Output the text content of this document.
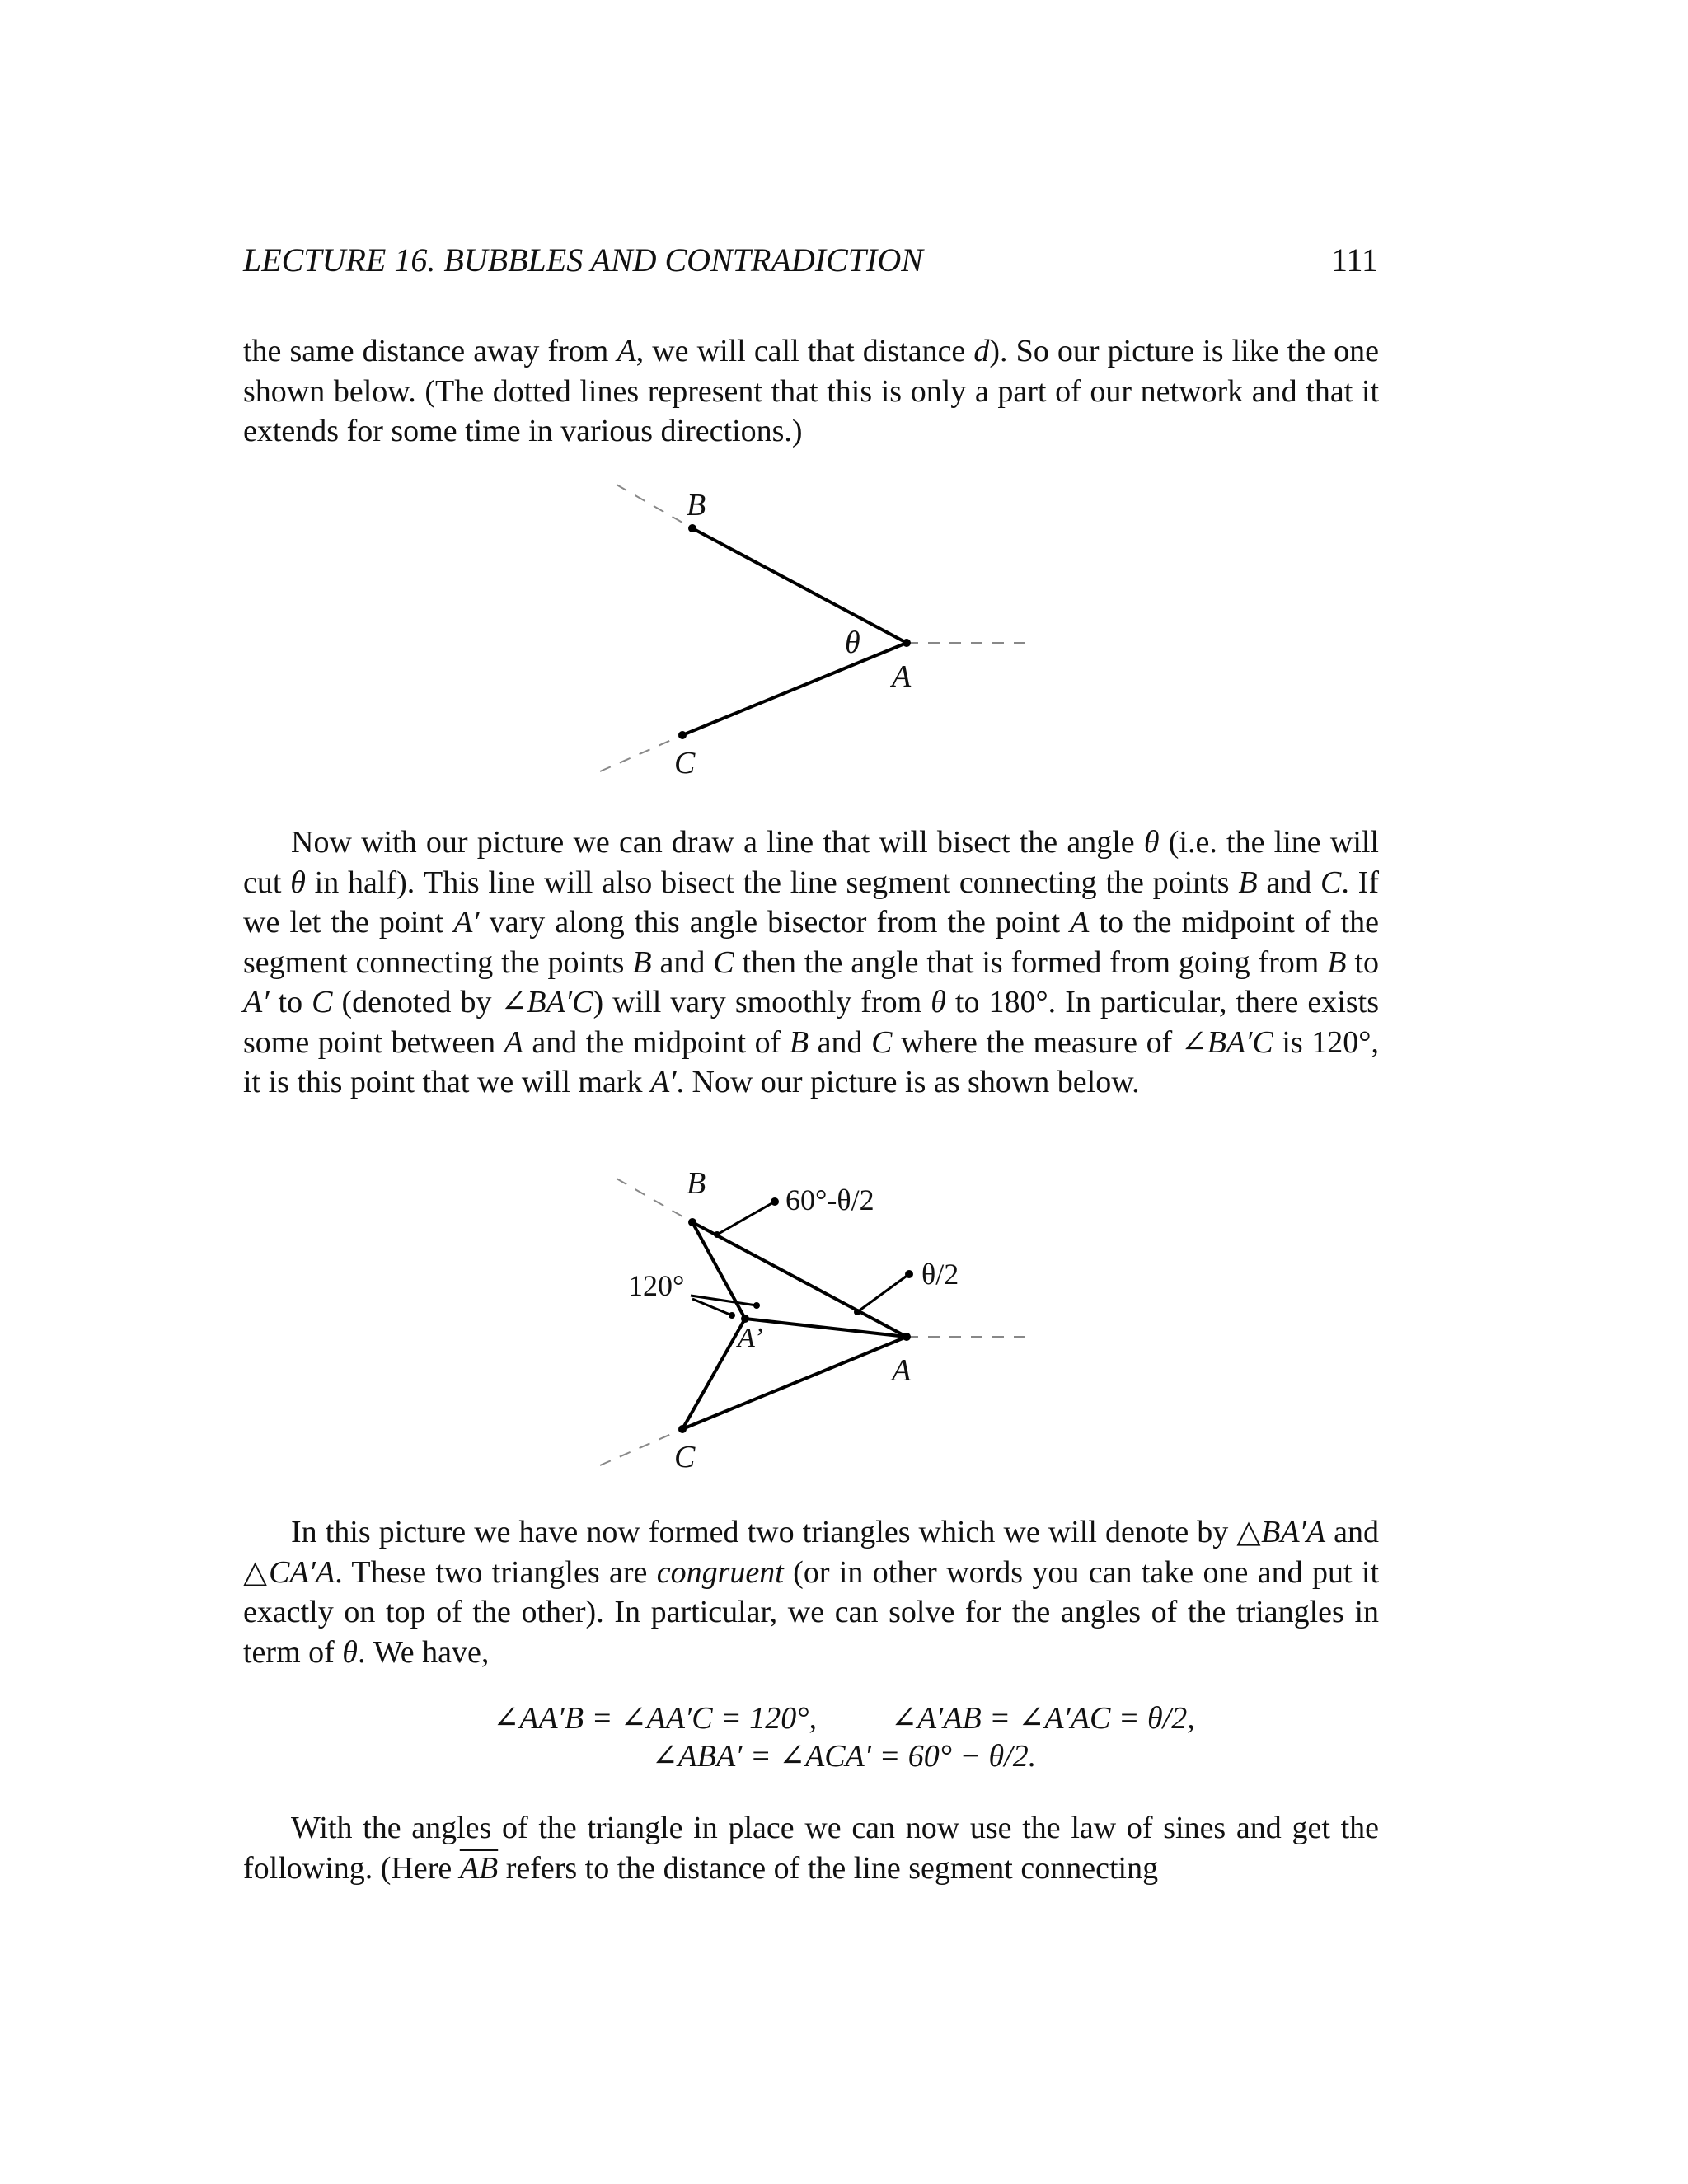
LECTURE 16. BUBBLES AND CONTRADICTION	111
the same distance away from A, we will call that distance d). So our picture is like the one shown below. (The dotted lines represent that this is only a part of our network and that it extends for some time in various directions.)
B
A
C
θ
Now with our picture we can draw a line that will bisect the angle θ (i.e. the line will cut θ in half). This line will also bisect the line segment connecting the points B and C. If we let the point A′ vary along this angle bisector from the point A to the midpoint of the segment connecting the points B and C then the angle that is formed from going from B to A′ to C (denoted by ∠BA′C) will vary smoothly from θ to 180°. In particular, there exists some point between A and the midpoint of B and C where the measure of ∠BA′C is 120°, it is this point that we will mark A′. Now our picture is as shown below.
B
A
C
A’
120°
60°-θ/2
θ/2
In this picture we have now formed two triangles which we will denote by △BA′A and △CA′A. These two triangles are congruent (or in other words you can take one and put it exactly on top of the other). In particular, we can solve for the angles of the triangles in term of θ. We have,
∠AA′B = ∠AA′C = 120°, ∠A′AB = ∠A′AC = θ/2,
∠ABA′ = ∠ACA′ = 60° − θ/2.
With the angles of the triangle in place we can now use the law of sines and get the following. (Here $\overline{AB}$ refers to the distance of the line segment connecting
